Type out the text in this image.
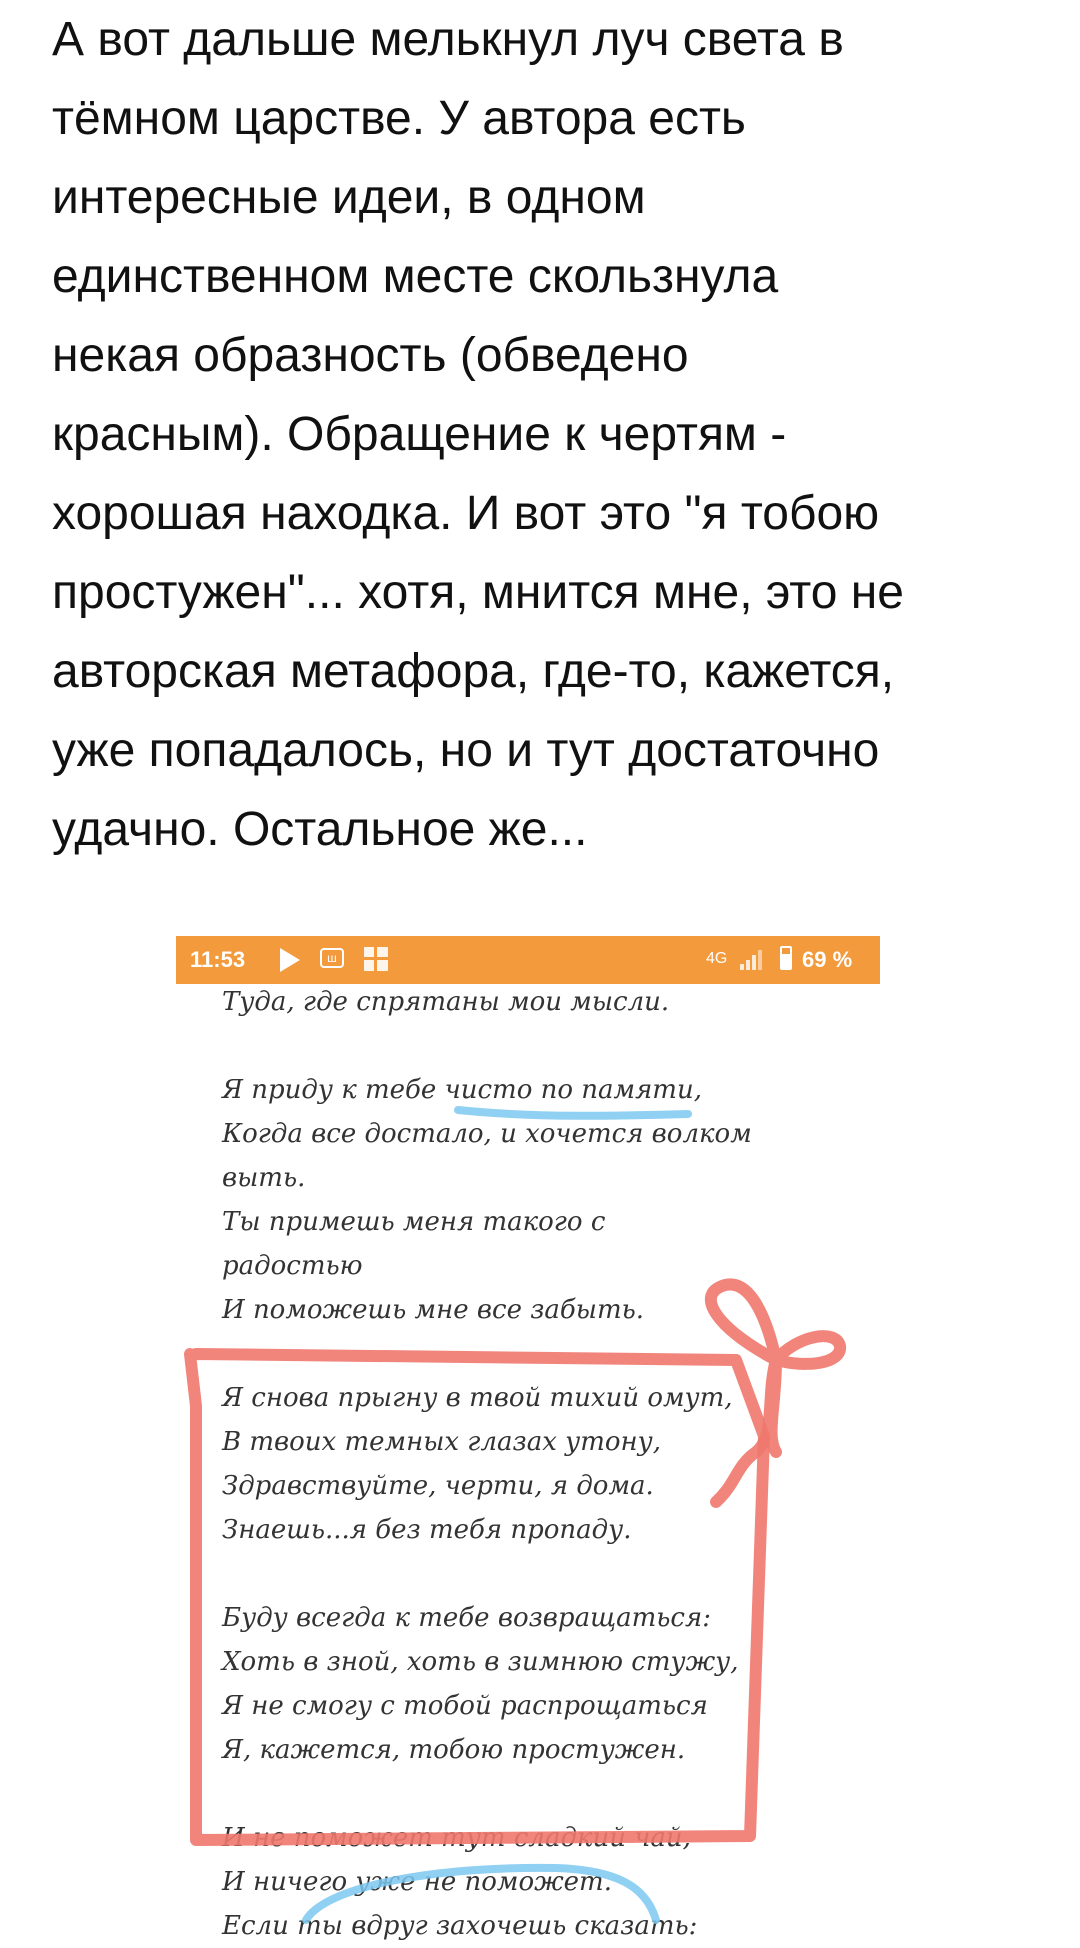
А вот дальше мелькнул луч света в
тёмном царстве. У автора есть
интересные идеи, в одном
единственном месте скользнула
некая образность (обведено
красным). Обращение к чертям -
хорошая находка. И вот это "я тобою
простужен"... хотя, мнится мне, это не
авторская метафора, где-то, кажется,
уже попадалось, но и тут достаточно
удачно. Остальное же...
11:53	ш	4G	69 %
Туда, где спрятаны мои мысли.
Я приду к тебе чисто по памяти,
Когда все достало, и хочется волком
выть.
Ты примешь меня такого с
радостью
И поможешь мне все забыть.
Я снова прыгну в твой тихий омут,
В твоих темных глазах утону,
Здравствуйте, черти, я дома.
Знаешь...я без тебя пропаду.
Буду всегда к тебе возвращаться:
Хоть в зной, хоть в зимнюю стужу,
Я не смогу с тобой распрощаться
Я, кажется, тобою простужен.
И не поможет тут сладкий чай,
И ничего уже не поможет.
Если ты вдруг захочешь сказать:
